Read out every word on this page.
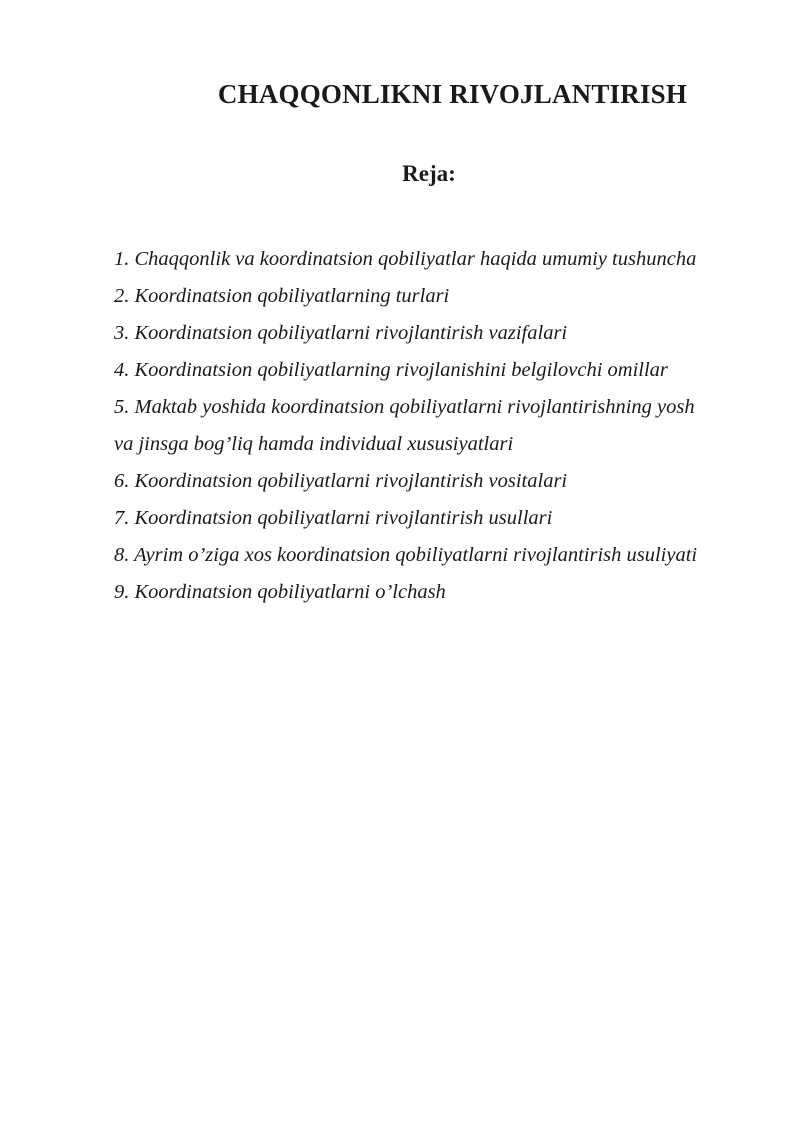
CHAQQONLIKNI RIVOJLANTIRISH
Reja:
1. Chaqqonlik va koordinatsion qobiliyatlar haqida umumiy tushuncha
2. Koordinatsion qobiliyatlarning turlari
3. Koordinatsion qobiliyatlarni rivojlantirish vazifalari
4. Koordinatsion qobiliyatlarning rivojlanishini belgilovchi omillar
5. Maktab yoshida koordinatsion qobiliyatlarni rivojlantirishning yosh
va jinsga bog’liq hamda individual xususiyatlari
6. Koordinatsion qobiliyatlarni rivojlantirish vositalari
7. Koordinatsion qobiliyatlarni rivojlantirish usullari
8. Ayrim o’ziga xos koordinatsion qobiliyatlarni rivojlantirish usuliyati
9. Koordinatsion qobiliyatlarni o’lchash
